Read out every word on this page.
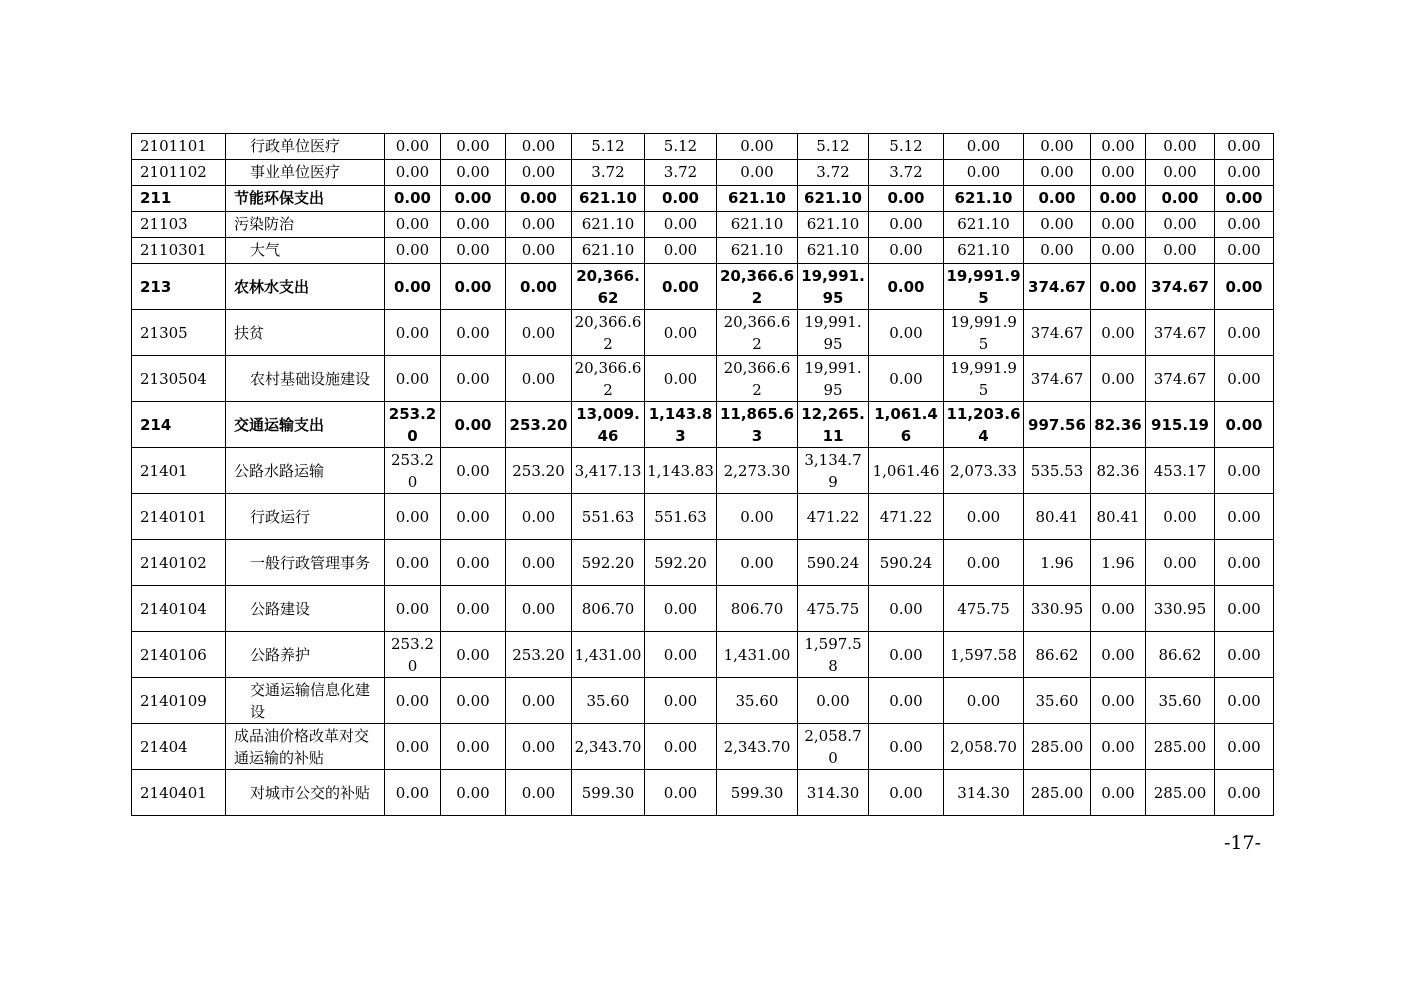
2101101	行政单位医疗	0.00	0.00	0.00	5.12	5.12	0.00	5.12	5.12	0.00	0.00	0.00	0.00	0.00
2101102	事业单位医疗	0.00	0.00	0.00	3.72	3.72	0.00	3.72	3.72	0.00	0.00	0.00	0.00	0.00
211	节能环保支出	0.00	0.00	0.00	621.10	0.00	621.10	621.10	0.00	621.10	0.00	0.00	0.00	0.00
21103	污染防治	0.00	0.00	0.00	621.10	0.00	621.10	621.10	0.00	621.10	0.00	0.00	0.00	0.00
2110301	大气	0.00	0.00	0.00	621.10	0.00	621.10	621.10	0.00	621.10	0.00	0.00	0.00	0.00
213	农林水支出	0.00	0.00	0.00	20,366.62	0.00	20,366.62	19,991.95	0.00	19,991.95	374.67	0.00	374.67	0.00
21305	扶贫	0.00	0.00	0.00	20,366.62	0.00	20,366.62	19,991.95	0.00	19,991.95	374.67	0.00	374.67	0.00
2130504	农村基础设施建设	0.00	0.00	0.00	20,366.62	0.00	20,366.62	19,991.95	0.00	19,991.95	374.67	0.00	374.67	0.00
214	交通运输支出	253.20	0.00	253.20	13,009.46	1,143.83	11,865.63	12,265.11	1,061.46	11,203.64	997.56	82.36	915.19	0.00
21401	公路水路运输	253.20	0.00	253.20	3,417.13	1,143.83	2,273.30	3,134.79	1,061.46	2,073.33	535.53	82.36	453.17	0.00
2140101	行政运行	0.00	0.00	0.00	551.63	551.63	0.00	471.22	471.22	0.00	80.41	80.41	0.00	0.00
2140102	一般行政管理事务	0.00	0.00	0.00	592.20	592.20	0.00	590.24	590.24	0.00	1.96	1.96	0.00	0.00
2140104	公路建设	0.00	0.00	0.00	806.70	0.00	806.70	475.75	0.00	475.75	330.95	0.00	330.95	0.00
2140106	公路养护	253.20	0.00	253.20	1,431.00	0.00	1,431.00	1,597.58	0.00	1,597.58	86.62	0.00	86.62	0.00
2140109	交通运输信息化建设	0.00	0.00	0.00	35.60	0.00	35.60	0.00	0.00	0.00	35.60	0.00	35.60	0.00
21404	成品油价格改革对交通运输的补贴	0.00	0.00	0.00	2,343.70	0.00	2,343.70	2,058.70	0.00	2,058.70	285.00	0.00	285.00	0.00
2140401	对城市公交的补贴	0.00	0.00	0.00	599.30	0.00	599.30	314.30	0.00	314.30	285.00	0.00	285.00	0.00
-17-
